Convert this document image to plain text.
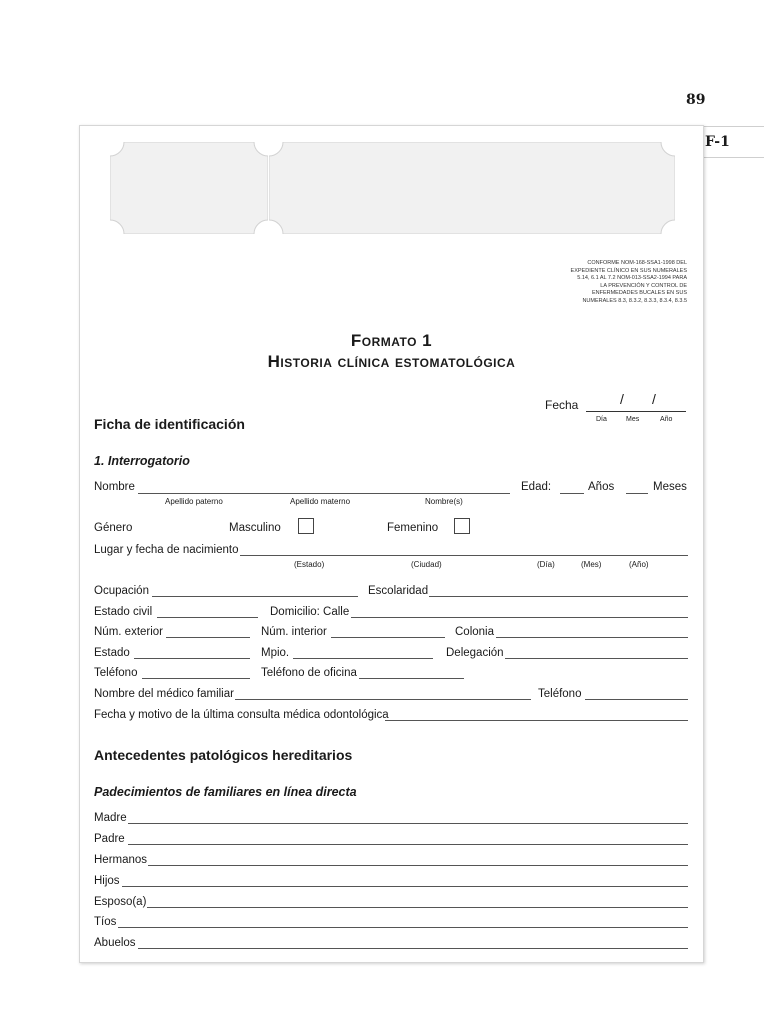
89
F-1
CONFORME NOM-168-SSA1-1998 DEL
EXPEDIENTE CLÍNICO EN SUS NUMERALES
5.14, 6.1 AL 7.2 NOM-013-SSA2-1994 PARA
LA PREVENCIÓN Y CONTROL DE
ENFERMEDADES BUCALES EN SUS
NUMERALES 8.3, 8.3.2, 8.3.3, 8.3.4, 8.3.5
Formato 1
Historia clínica estomatológica
Fecha	/ /
Día	Mes	Año
Ficha de identificación
1. Interrogatorio
Nombre	Edad:	Años	Meses
Apellido paterno	Apellido materno	Nombre(s)
Género	Masculino	Femenino
Lugar y fecha de nacimiento
(Estado)	(Ciudad)	(Día)	(Mes)	(Año)
Ocupación	Escolaridad
Estado civil	Domicilio: Calle
Núm. exterior	Núm. interior	Colonia
Estado	Mpio.	Delegación
Teléfono	Teléfono de oficina
Nombre del médico familiar	Teléfono
Fecha y motivo de la última consulta médica odontológica
Antecedentes patológicos hereditarios
Padecimientos de familiares en línea directa
Madre
Padre
Hermanos
Hijos
Esposo(a)
Tíos
Abuelos
